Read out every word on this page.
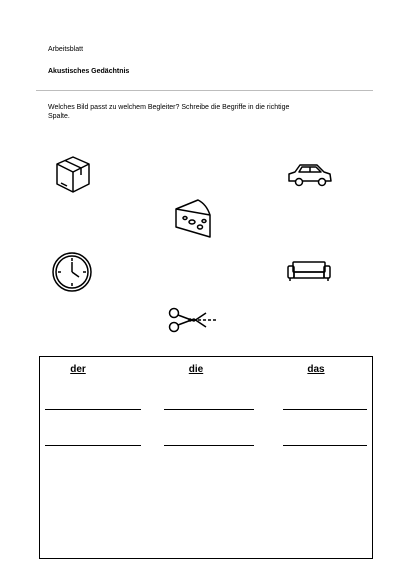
Arbeitsblatt
Akustisches Gedächtnis
Welches Bild passt zu welchem Begleiter? Schreibe die Begriffe in die richtige
Spalte.
der	die	das
